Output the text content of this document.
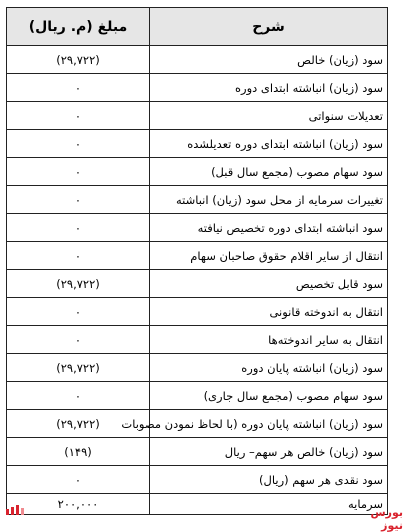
شرح	مبلغ (م. ریال)
سود (زیان) خالص	(۲۹,۷۲۲)
سود (زیان) انباشته ابتدای دوره	۰
تعدیلات سنواتی	۰
سود (زیان) انباشته ابتدای دوره تعدیلشده	۰
سود سهام مصوب (مجمع سال قبل)	۰
تغییرات سرمایه از محل سود (زیان) انباشته	۰
سود انباشته ابتدای دوره تخصیص نیافته	۰
انتقال از سایر اقلام حقوق صاحبان سهام	۰
سود قابل تخصیص	(۲۹,۷۲۲)
انتقال به اندوخته قانونی	۰
انتقال به سایر اندوخته‌ها	۰
سود (زیان) انباشته پایان دوره	(۲۹,۷۲۲)
سود سهام مصوب (مجمع سال جاری)	۰
سود (زیان) انباشته پایان دوره (با لحاظ نمودن مصوبات	(۲۹,۷۲۲)
سود (زیان) خالص هر سهم– ریال	(۱۴۹)
سود نقدی هر سهم (ریال)	۰
سرمایه	۲۰۰,۰۰۰
بورس نیوز
